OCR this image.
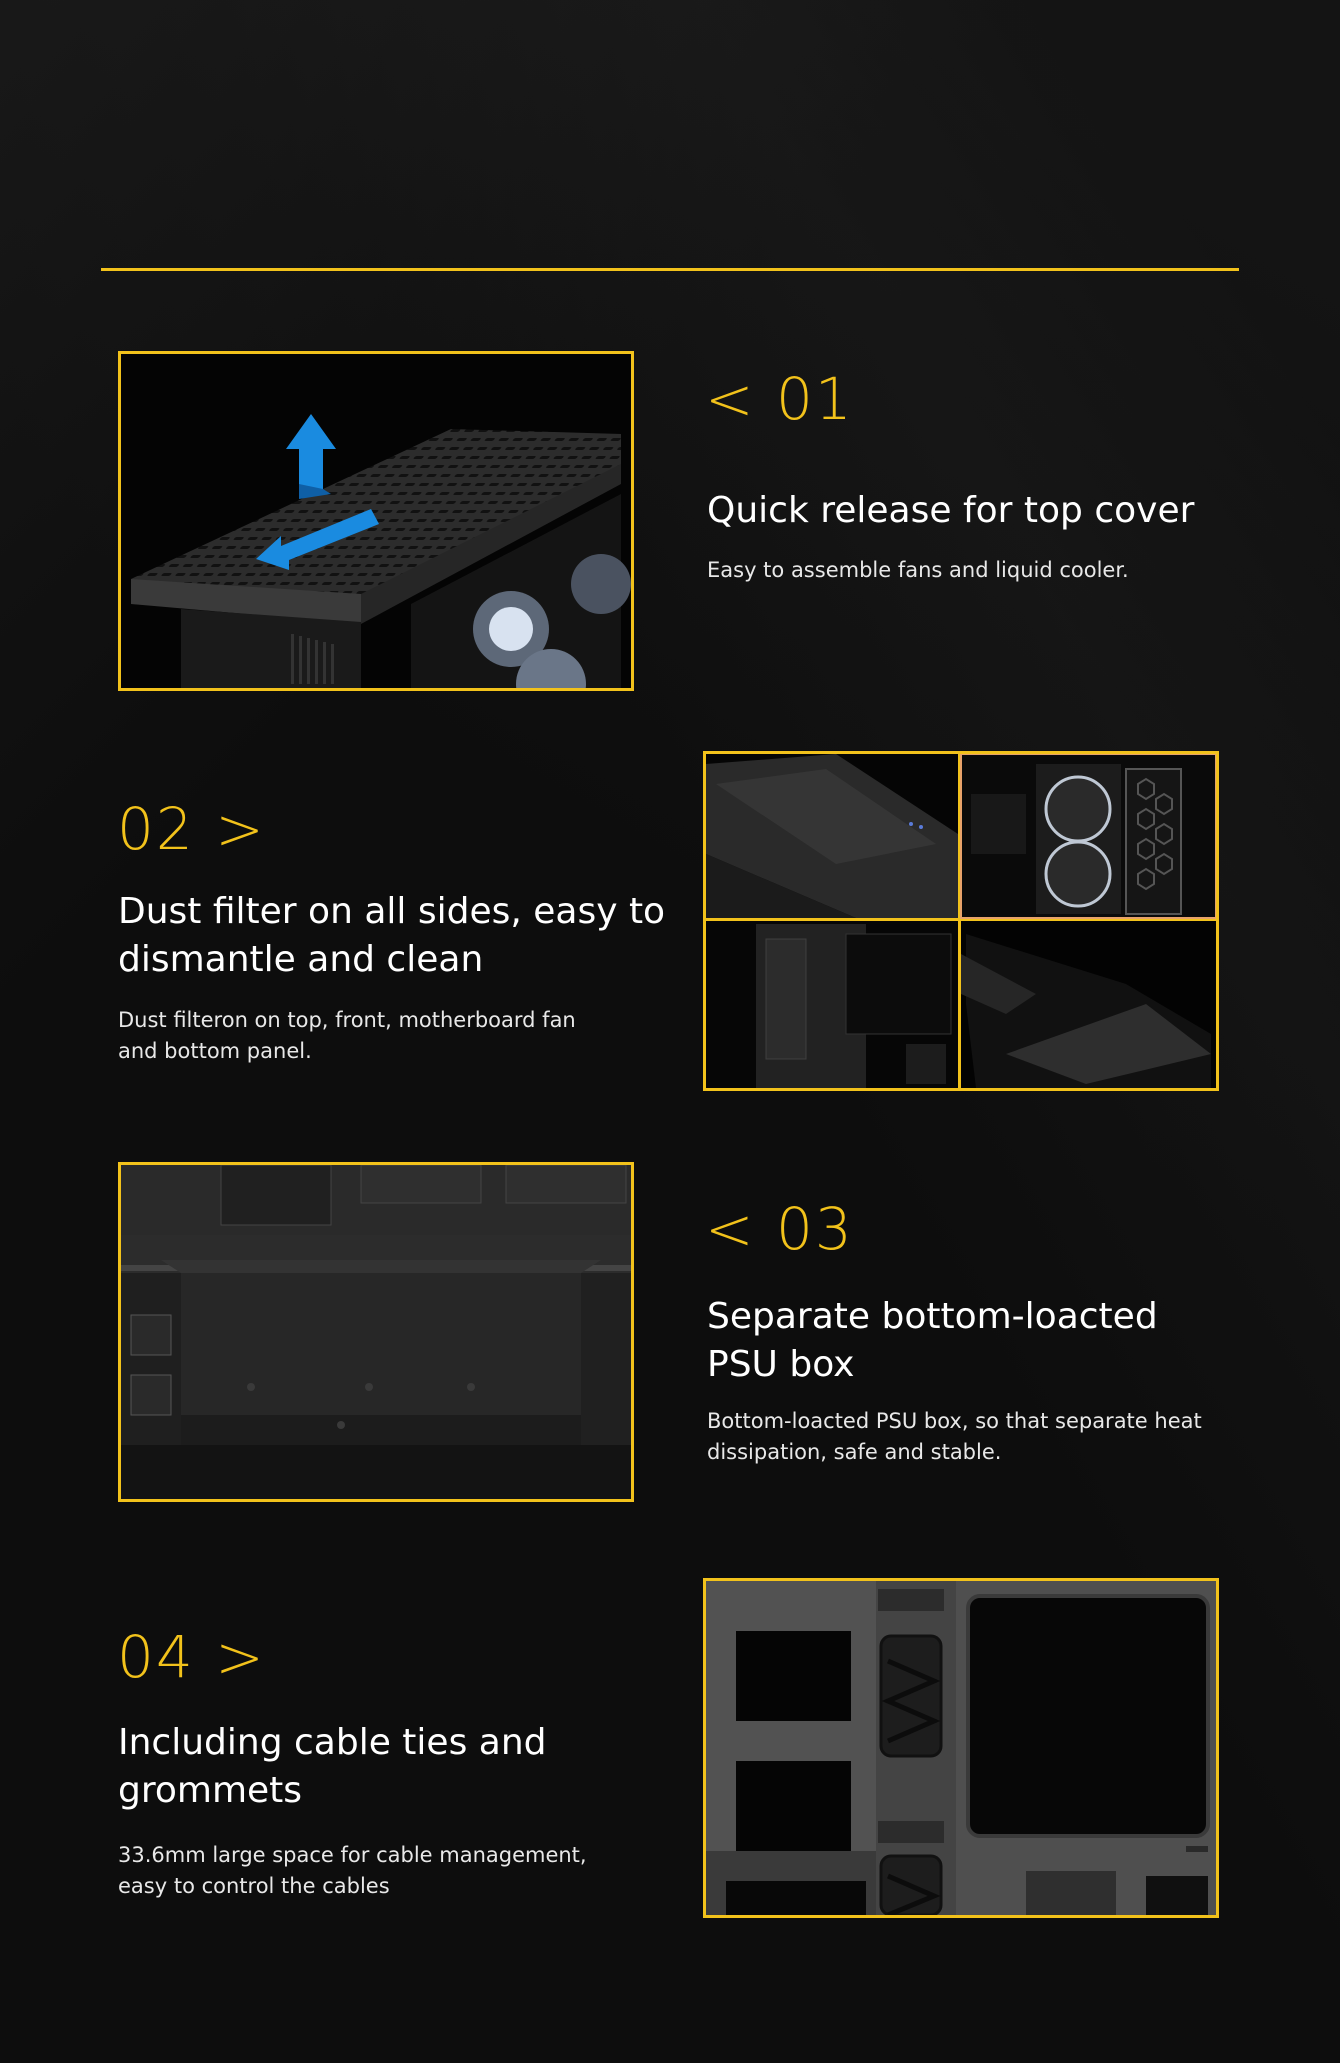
< 01

Quick release for top cover

Easy to assemble fans and liquid cooler.

02 >

Dust filter on all sides, easy to
dismantle and clean

Dust filteron on top, front, motherboard fan
and bottom panel.

< 03

Separate bottom-loacted
PSU box

Bottom-loacted PSU box, so that separate heat
dissipation, safe and stable.

04 >

Including cable ties and
grommets

33.6mm large space for cable management,
easy to control the cables
